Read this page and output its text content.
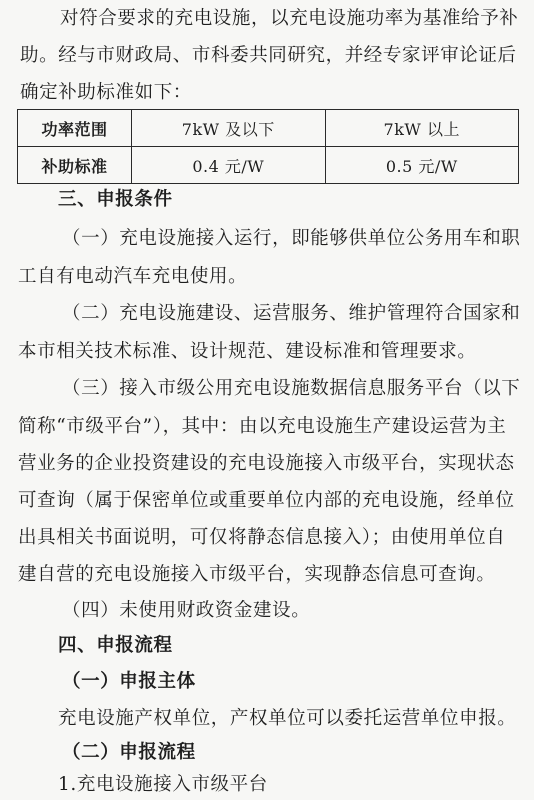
对符合要求的充电设施，以充电设施功率为基准给予补
助。经与市财政局、市科委共同研究，并经专家评审论证后
确定补助标准如下：
功率范围	7kW 及以下	7kW 以上
补助标准	0.4 元/W	0.5 元/W
三、申报条件
（一）充电设施接入运行，即能够供单位公务用车和职
工自有电动汽车充电使用。
（二）充电设施建设、运营服务、维护管理符合国家和
本市相关技术标准、设计规范、建设标准和管理要求。
（三）接入市级公用充电设施数据信息服务平台（以下
简称“市级平台”），其中：由以充电设施生产建设运营为主
营业务的企业投资建设的充电设施接入市级平台，实现状态
可查询（属于保密单位或重要单位内部的充电设施，经单位
出具相关书面说明，可仅将静态信息接入）；由使用单位自
建自营的充电设施接入市级平台，实现静态信息可查询。
（四）未使用财政资金建设。
四、申报流程
（一）申报主体
充电设施产权单位，产权单位可以委托运营单位申报。
（二）申报流程
1.充电设施接入市级平台
